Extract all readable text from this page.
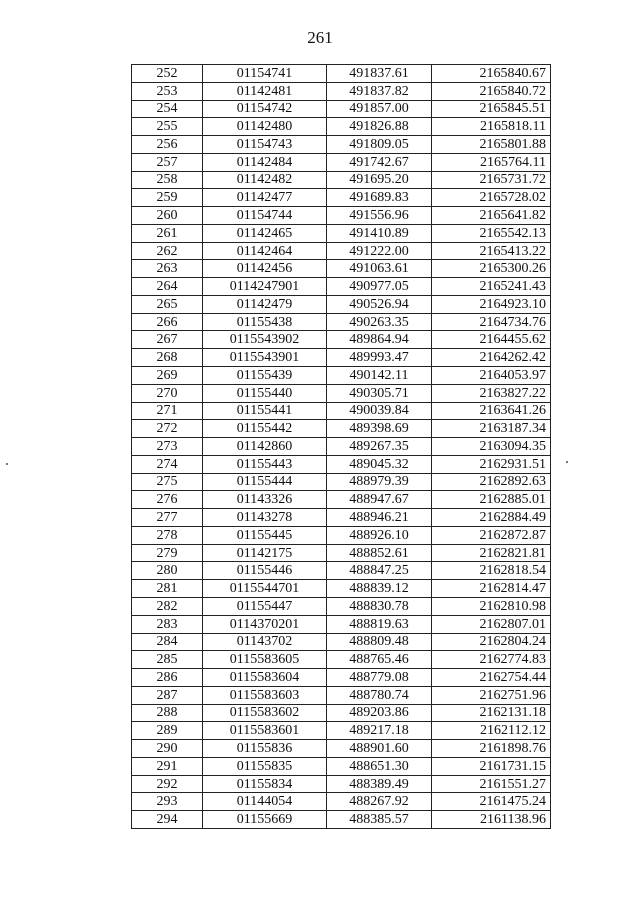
261
252	01154741	491837.61	2165840.67
253	01142481	491837.82	2165840.72
254	01154742	491857.00	2165845.51
255	01142480	491826.88	2165818.11
256	01154743	491809.05	2165801.88
257	01142484	491742.67	2165764.11
258	01142482	491695.20	2165731.72
259	01142477	491689.83	2165728.02
260	01154744	491556.96	2165641.82
261	01142465	491410.89	2165542.13
262	01142464	491222.00	2165413.22
263	01142456	491063.61	2165300.26
264	0114247901	490977.05	2165241.43
265	01142479	490526.94	2164923.10
266	01155438	490263.35	2164734.76
267	0115543902	489864.94	2164455.62
268	0115543901	489993.47	2164262.42
269	01155439	490142.11	2164053.97
270	01155440	490305.71	2163827.22
271	01155441	490039.84	2163641.26
272	01155442	489398.69	2163187.34
273	01142860	489267.35	2163094.35
274	01155443	489045.32	2162931.51
275	01155444	488979.39	2162892.63
276	01143326	488947.67	2162885.01
277	01143278	488946.21	2162884.49
278	01155445	488926.10	2162872.87
279	01142175	488852.61	2162821.81
280	01155446	488847.25	2162818.54
281	0115544701	488839.12	2162814.47
282	01155447	488830.78	2162810.98
283	0114370201	488819.63	2162807.01
284	01143702	488809.48	2162804.24
285	0115583605	488765.46	2162774.83
286	0115583604	488779.08	2162754.44
287	0115583603	488780.74	2162751.96
288	0115583602	489203.86	2162131.18
289	0115583601	489217.18	2162112.12
290	01155836	488901.60	2161898.76
291	01155835	488651.30	2161731.15
292	01155834	488389.49	2161551.27
293	01144054	488267.92	2161475.24
294	01155669	488385.57	2161138.96
